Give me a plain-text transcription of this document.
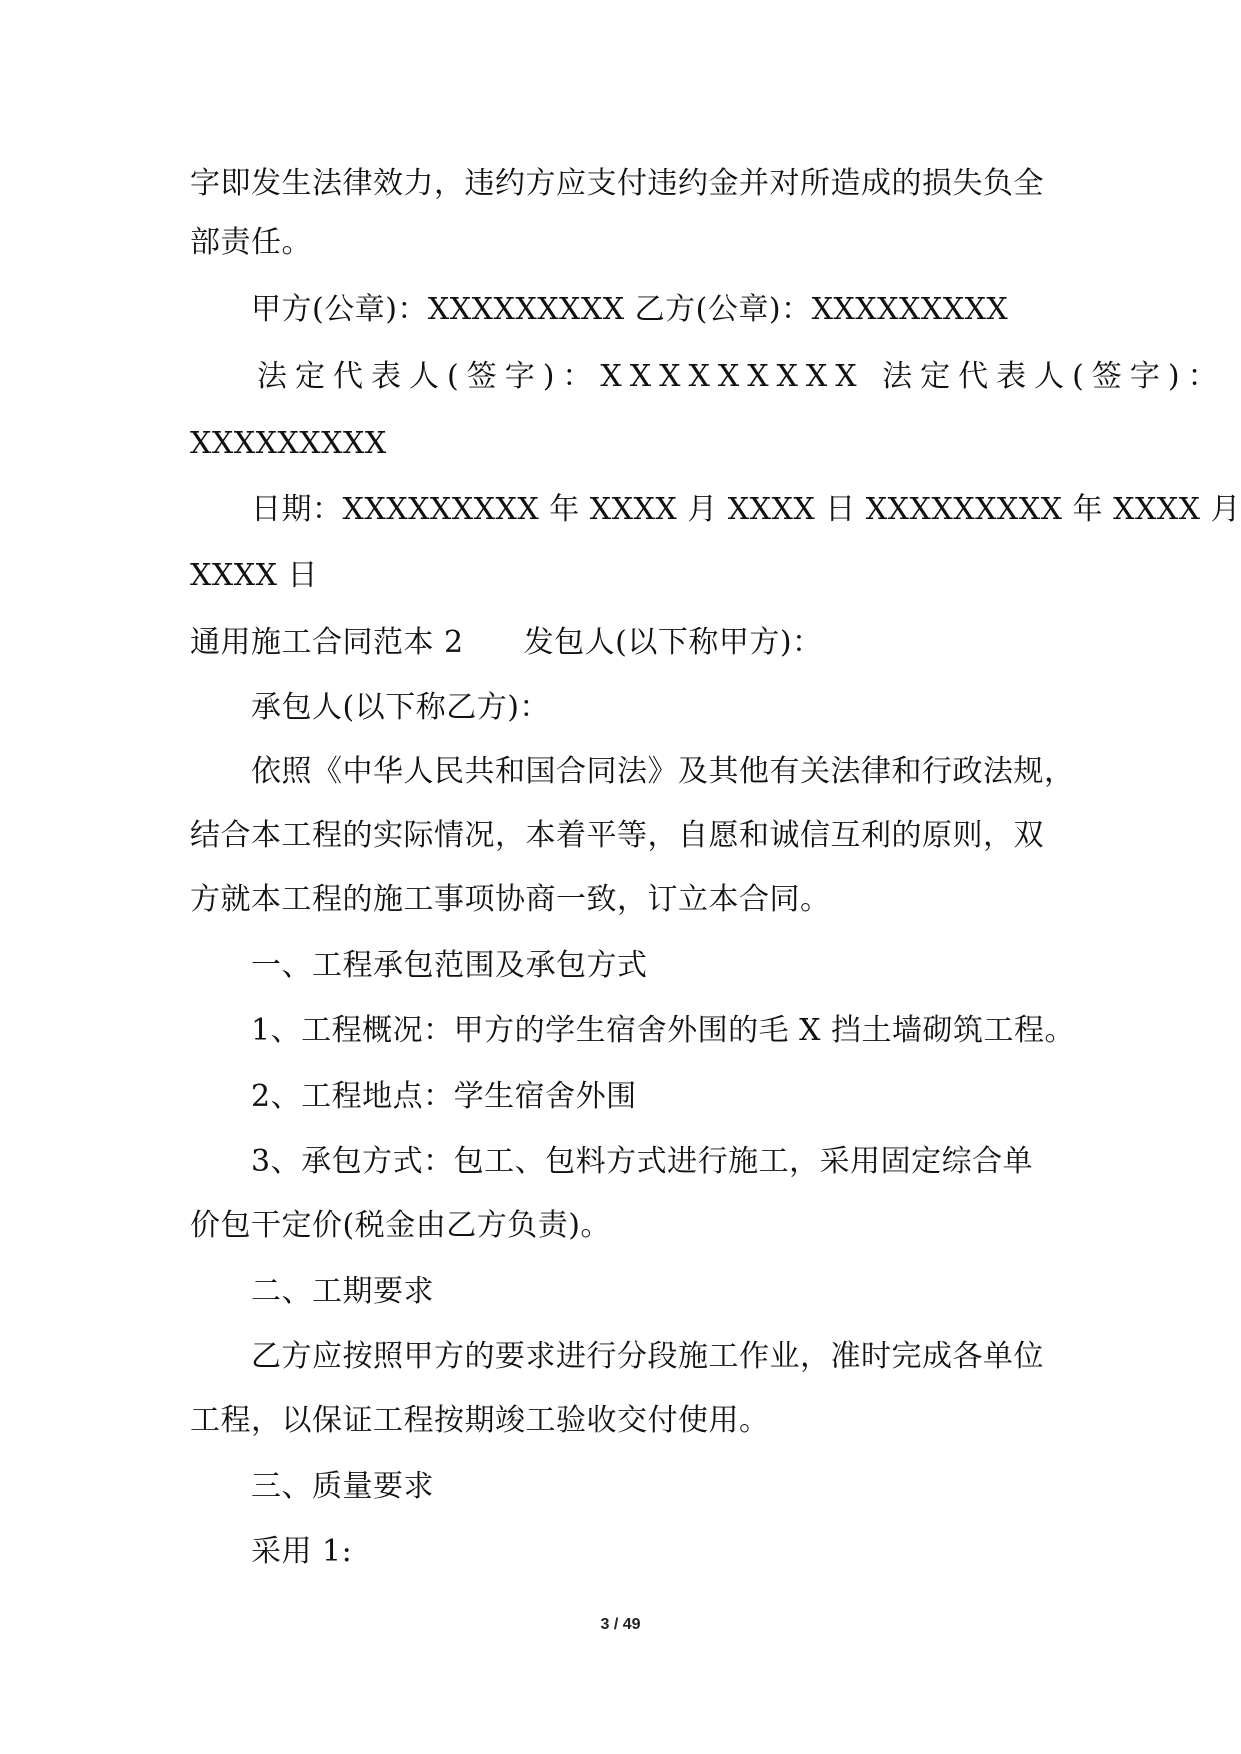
字即发生法律效力，违约方应支付违约金并对所造成的损失负全
部责任。
甲方(公章)：XXXXXXXXX 乙方(公章)：XXXXXXXXX
法定代表人(签字)：XXXXXXXXX 法定代表人(签字)：
XXXXXXXXX
日期：XXXXXXXXX 年 XXXX 月 XXXX 日 XXXXXXXXX 年 XXXX 月
XXXX 日
通用施工合同范本 2 发包人(以下称甲方)：
承包人(以下称乙方)：
依照《中华人民共和国合同法》及其他有关法律和行政法规，
结合本工程的实际情况，本着平等，自愿和诚信互利的原则，双
方就本工程的施工事项协商一致，订立本合同。
一、工程承包范围及承包方式
1、工程概况：甲方的学生宿舍外围的毛 X 挡土墙砌筑工程。
2、工程地点：学生宿舍外围
3、承包方式：包工、包料方式进行施工，采用固定综合单
价包干定价(税金由乙方负责)。
二、工期要求
乙方应按照甲方的要求进行分段施工作业，准时完成各单位
工程，以保证工程按期竣工验收交付使用。
三、质量要求
采用 1:
3 / 49
